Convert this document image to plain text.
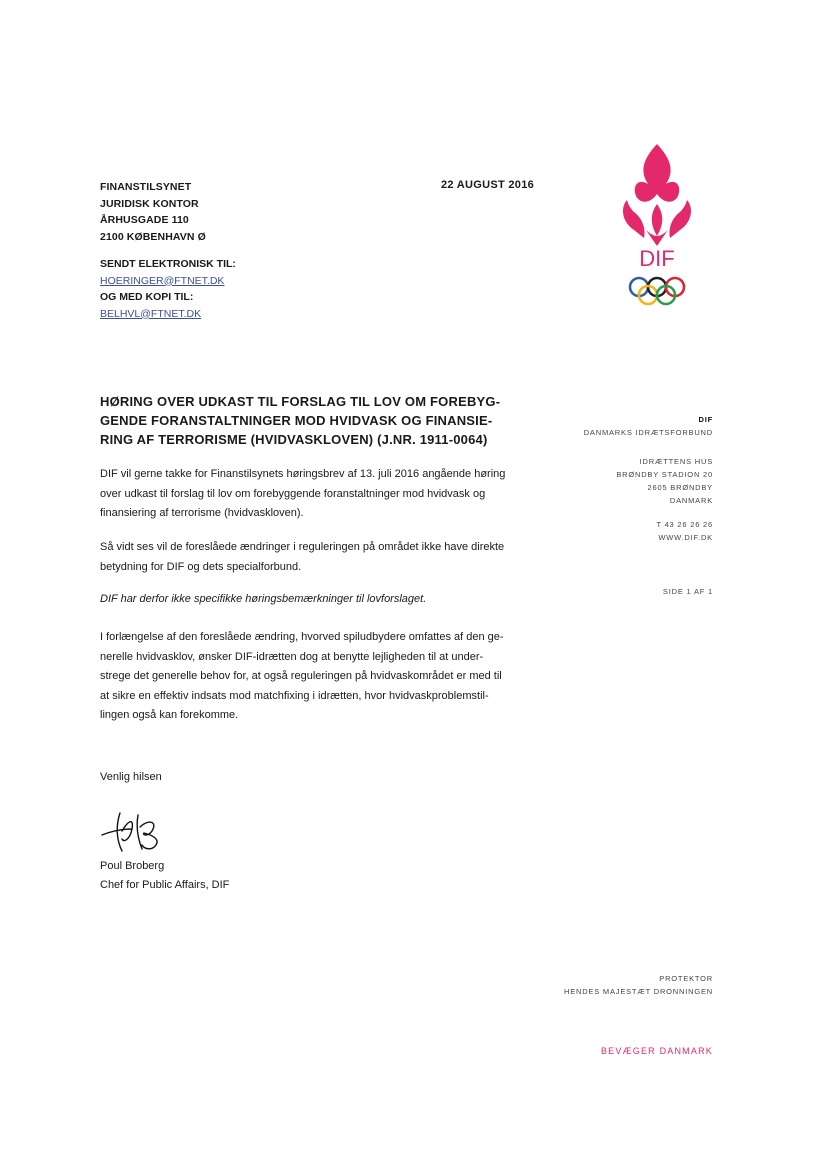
FINANSTILSYNET
JURIDISK KONTOR
ÅRHUSGADE 110
2100 KØBENHAVN Ø
22 AUGUST 2016
SENDT ELEKTRONISK TIL:
HOERINGER@FTNET.DK
OG MED KOPI TIL:
BELHVL@FTNET.DK
DIF
HØRING OVER UDKAST TIL FORSLAG TIL LOV OM FOREBYG-
GENDE FORANSTALTNINGER MOD HVIDVASK OG FINANSIE-
RING AF TERRORISME (HVIDVASKLOVEN) (J.NR. 1911-0064)
DIF vil gerne takke for Finanstilsynets høringsbrev af 13. juli 2016 angående høring
over udkast til forslag til lov om forebyggende foranstaltninger mod hvidvask og
finansiering af terrorisme (hvidvaskloven).
Så vidt ses vil de foreslåede ændringer i reguleringen på området ikke have direkte
betydning for DIF og dets specialforbund.
DIF har derfor ikke specifikke høringsbemærkninger til lovforslaget.
I forlængelse af den foreslåede ændring, hvorved spiludbydere omfattes af den ge-
nerelle hvidvasklov, ønsker DIF-idrætten dog at benytte lejligheden til at under-
strege det generelle behov for, at også reguleringen på hvidvaskområdet er med til
at sikre en effektiv indsats mod matchfixing i idrætten, hvor hvidvaskproblemstil-
lingen også kan forekomme.
Venlig hilsen
Poul Broberg
Chef for Public Affairs, DIF
DIF
DANMARKS IDRÆTSFORBUND
IDRÆTTENS HUS
BRØNDBY STADION 20
2605 BRØNDBY
DANMARK
T 43 26 26 26
WWW.DIF.DK
SIDE 1 AF 1
PROTEKTOR
HENDES MAJESTÆT DRONNINGEN
BEVÆGER DANMARK
